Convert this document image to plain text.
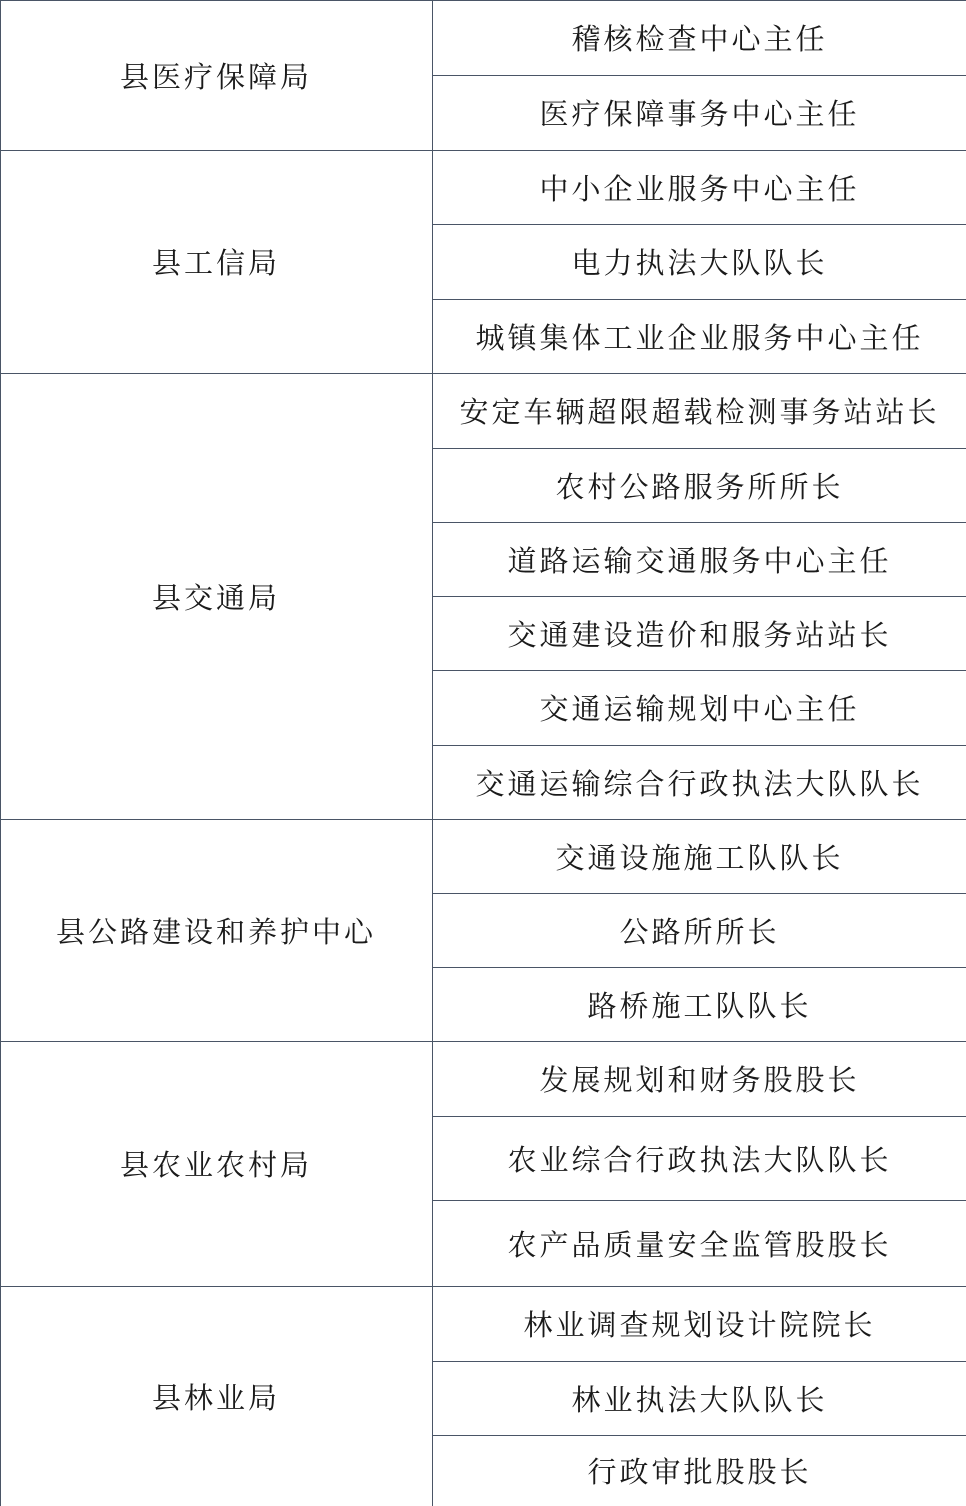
县医疗保障局
稽核检查中心主任
医疗保障事务中心主任
县工信局
中小企业服务中心主任
电力执法大队队长
城镇集体工业企业服务中心主任
县交通局
安定车辆超限超载检测事务站站长
农村公路服务所所长
道路运输交通服务中心主任
交通建设造价和服务站站长
交通运输规划中心主任
交通运输综合行政执法大队队长
县公路建设和养护中心
交通设施施工队队长
公路所所长
路桥施工队队长
县农业农村局
发展规划和财务股股长
农业综合行政执法大队队长
农产品质量安全监管股股长
县林业局
林业调查规划设计院院长
林业执法大队队长
行政审批股股长
